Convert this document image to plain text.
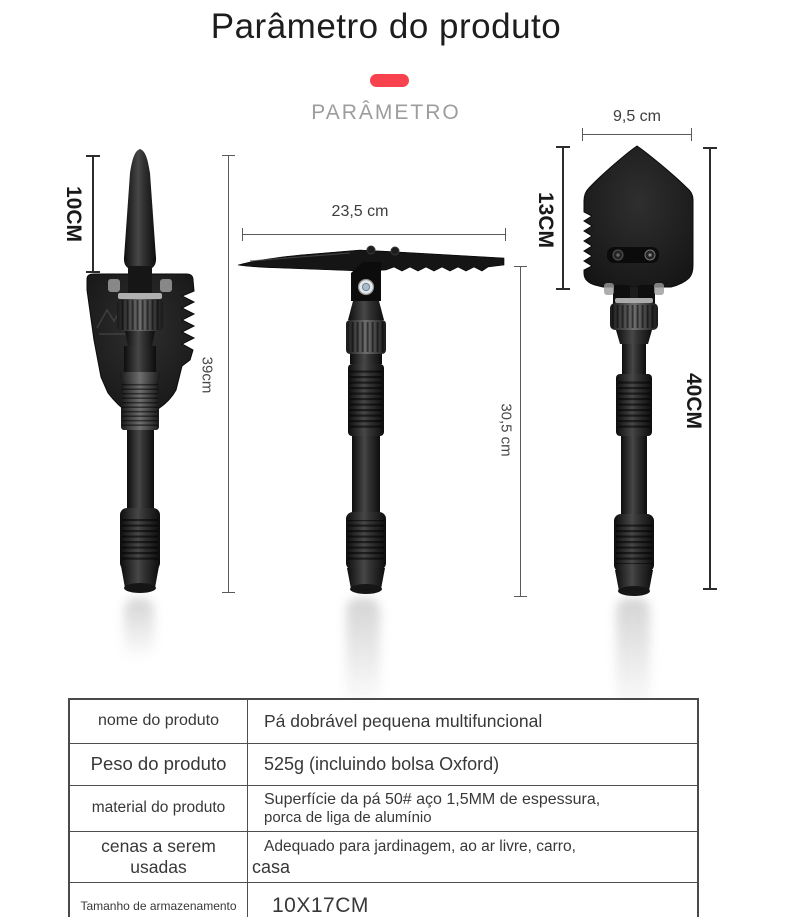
Parâmetro do produto
PARÂMETRO
10CM
39cm
23,5 cm
30,5 cm
9,5 cm
13CM
40CM
nome do produto	Pá dobrável pequena multifuncional
Peso do produto	525g (incluindo bolsa Oxford)
material do produto	Superfície da pá 50# aço 1,5MM de espessura,
porca de liga de alumínio

cenas a serem
usadas	Adequado para jardinagem, ao ar livre, carro,
casa

Tamanho de armazenamento	10X17CM
